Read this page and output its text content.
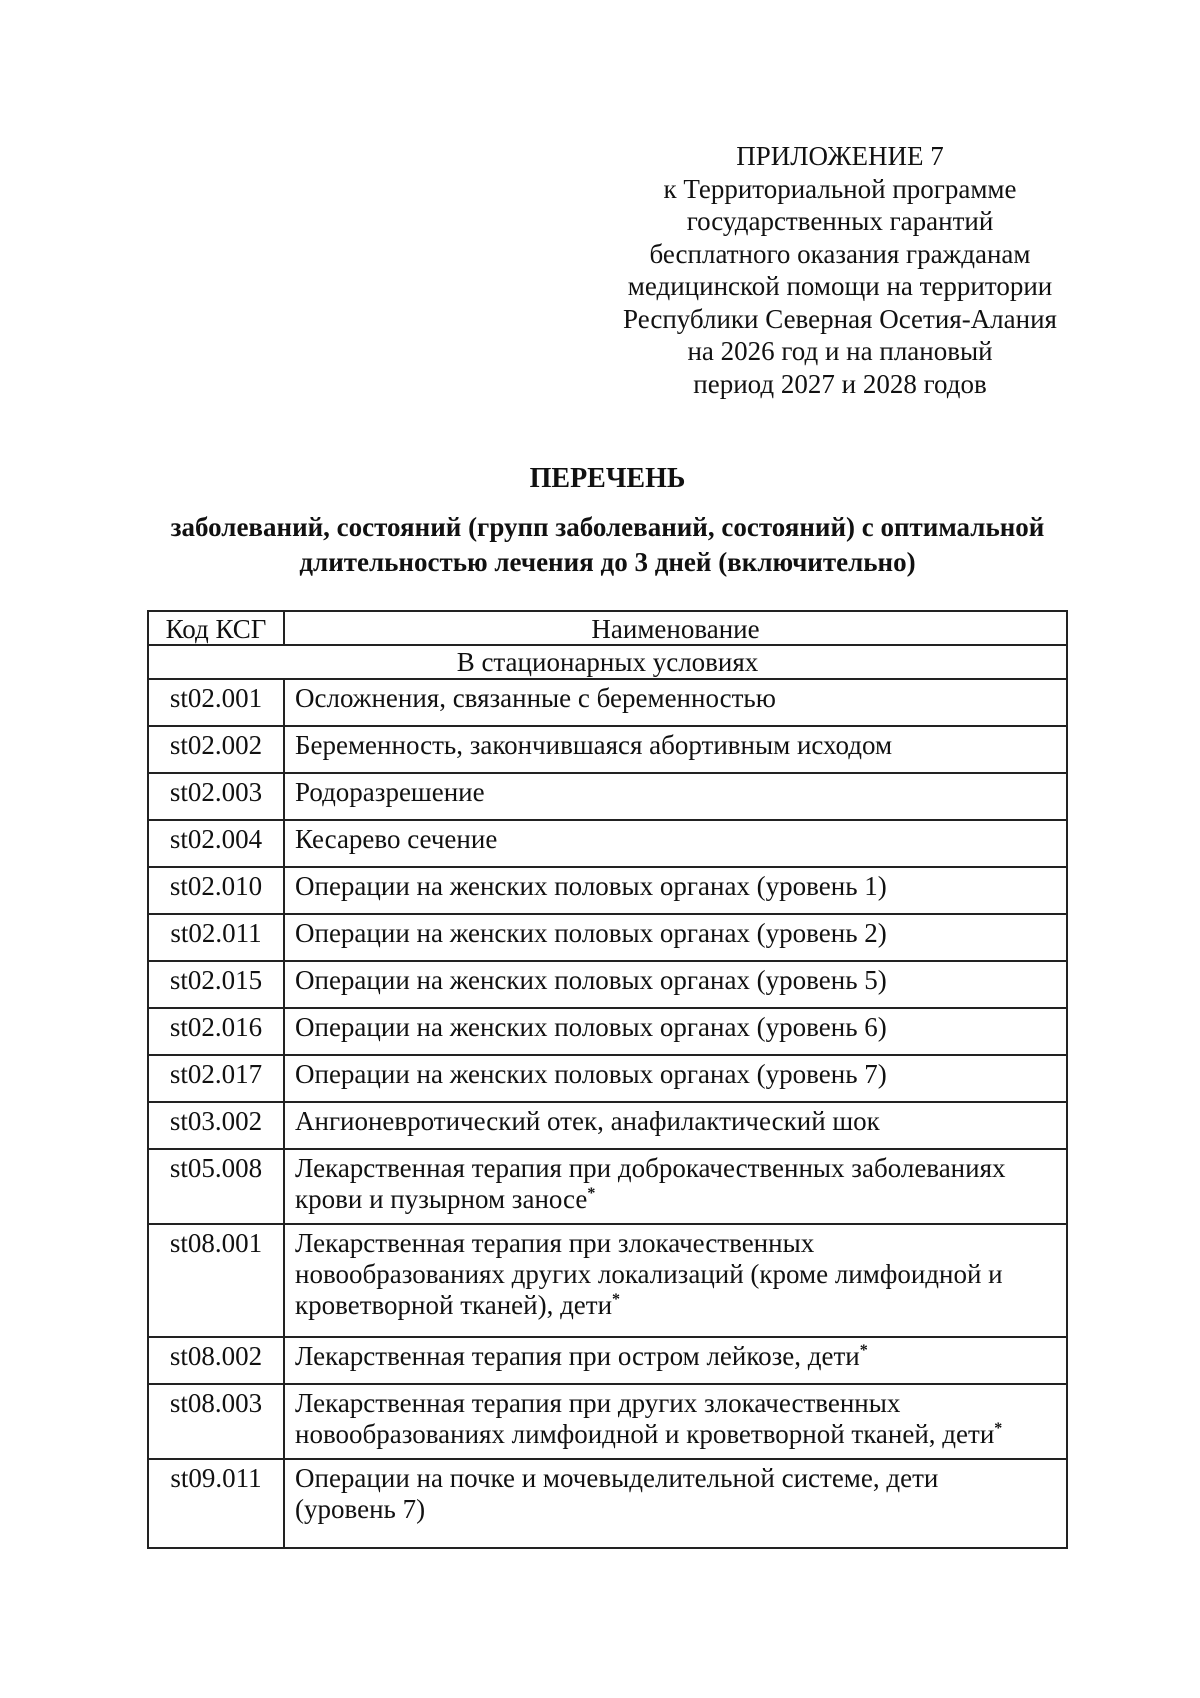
ПРИЛОЖЕНИЕ 7
к Территориальной программе
государственных гарантий
бесплатного оказания гражданам
медицинской помощи на территории
Республики Северная Осетия-Алания
на 2026 год и на плановый
период 2027 и 2028 годов
ПЕРЕЧЕНЬ
заболеваний, состояний (групп заболеваний, состояний) с оптимальной
длительностью лечения до 3 дней (включительно)
Код КСГ	Наименование
В стационарных условиях	
st02.001	Осложнения, связанные с беременностью
st02.002	Беременность, закончившаяся абортивным исходом
st02.003	Родоразрешение
st02.004	Кесарево сечение
st02.010	Операции на женских половых органах (уровень 1)
st02.011	Операции на женских половых органах (уровень 2)
st02.015	Операции на женских половых органах (уровень 5)
st02.016	Операции на женских половых органах (уровень 6)
st02.017	Операции на женских половых органах (уровень 7)
st03.002	Ангионевротический отек, анафилактический шок
st05.008	Лекарственная терапия при доброкачественных заболеваниях
крови и пузырном заносе*
st08.001	Лекарственная терапия при злокачественных
новообразованиях других локализаций (кроме лимфоидной и
кроветворной тканей), дети*
st08.002	Лекарственная терапия при остром лейкозе, дети*
st08.003	Лекарственная терапия при других злокачественных
новообразованиях лимфоидной и кроветворной тканей, дети*
st09.011	Операции на почке и мочевыделительной системе, дети
(уровень 7)
